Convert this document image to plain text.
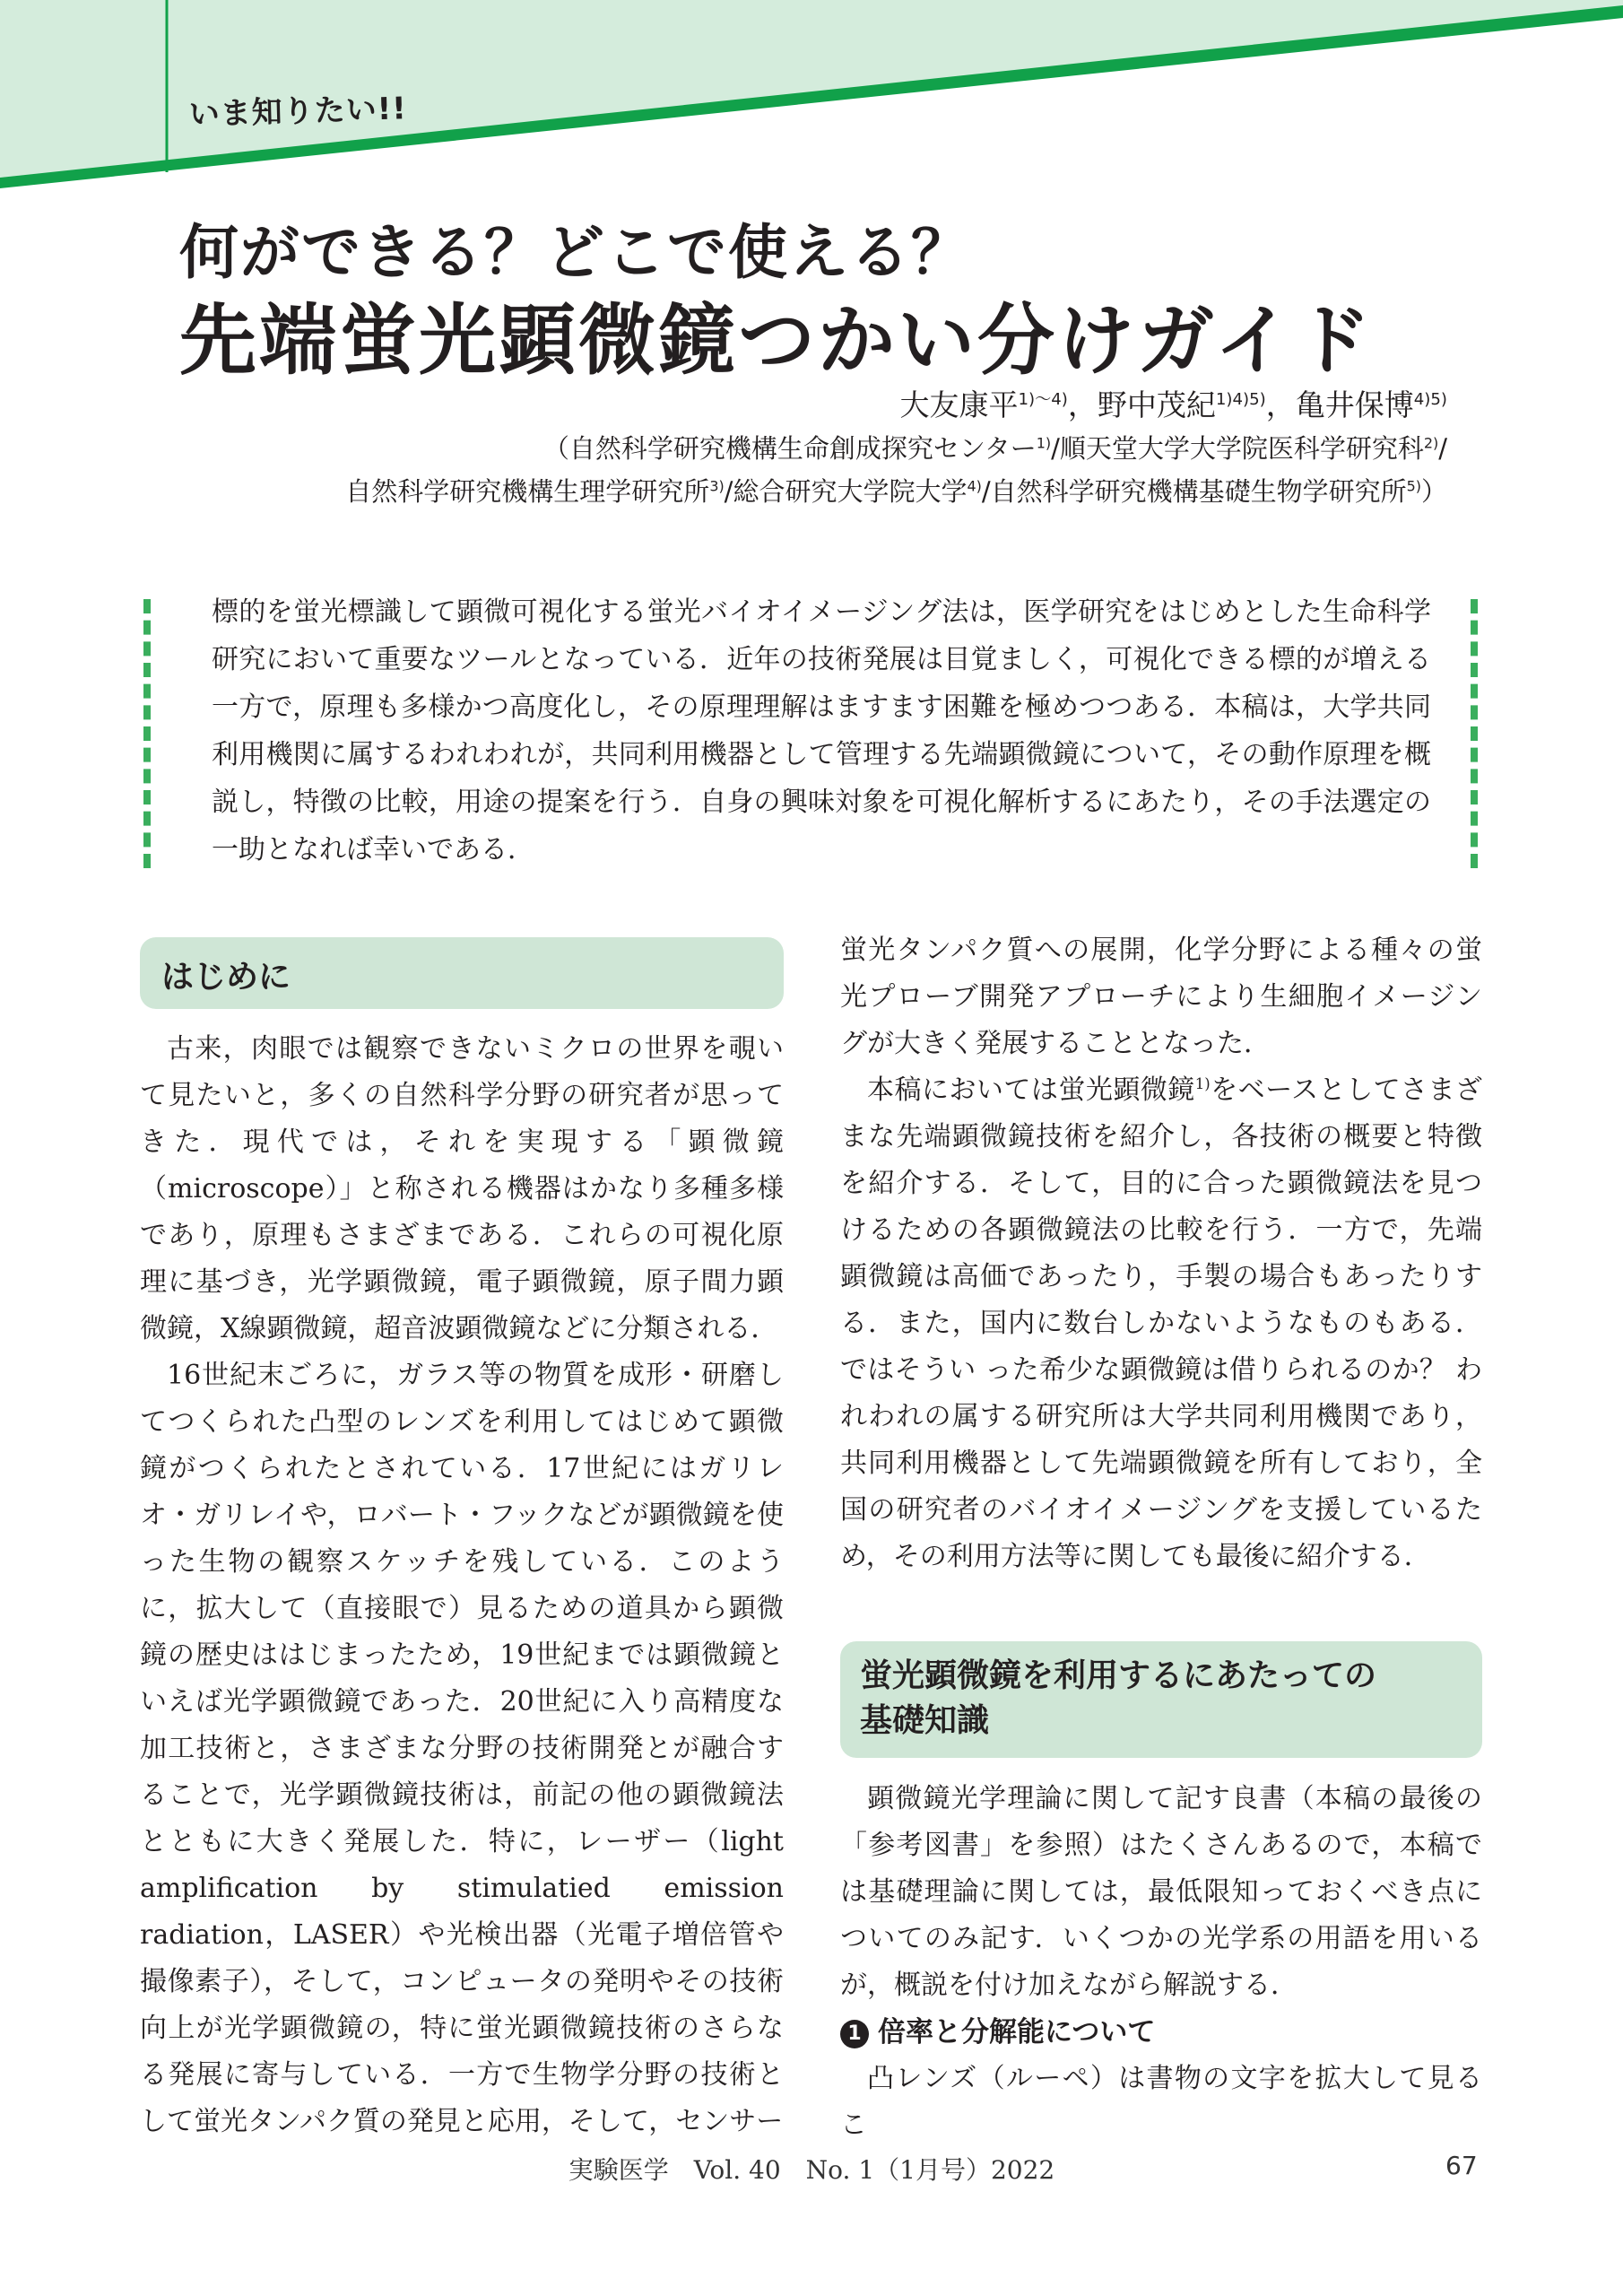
いま知りたい!!
何ができる？どこで使える？
先端蛍光顕微鏡つかい分けガイド
大友康平$^{1)\sim 4)}$，野中茂紀$^{1)4)5)}$，亀井保博$^{4)5)}$
（自然科学研究機構生命創成探究センター$^{1)}$/順天堂大学大学院医科学研究科$^{2)}$/
自然科学研究機構生理学研究所$^{3)}$/総合研究大学院大学$^{4)}$/自然科学研究機構基礎生物学研究所$^{5)}$）
標的を蛍光標識して顕微可視化する蛍光バイオイメージング法は，医学研究をはじめとした生命科学研究において重要なツールとなっている．近年の技術発展は目覚ましく，可視化できる標的が増える一方で，原理も多様かつ高度化し，その原理理解はますます困難を極めつつある．本稿は，大学共同利用機関に属するわれわれが，共同利用機器として管理する先端顕微鏡について，その動作原理を概説し，特徴の比較，用途の提案を行う．自身の興味対象を可視化解析するにあたり，その手法選定の一助となれば幸いである．
はじめに

古来，肉眼では観察できないミクロの世界を覗いて見たいと，多くの自然科学分野の研究者が思ってきた．現代では，それを実現する「顕微鏡（microscope）」と称される機器はかなり多種多様であり，原理もさまざまである．これらの可視化原理に基づき，光学顕微鏡，電子顕微鏡，原子間力顕微鏡，X線顕微鏡，超音波顕微鏡などに分類される．

16世紀末ごろに，ガラス等の物質を成形・研磨してつくられた凸型のレンズを利用してはじめて顕微鏡がつくられたとされている．17世紀にはガリレオ・ガリレイや，ロバート・フックなどが顕微鏡を使った生物の観察スケッチを残している．このように，拡大して（直接眼で）見るための道具から顕微鏡の歴史ははじまったため，19世紀までは顕微鏡といえば光学顕微鏡であった．20世紀に入り高精度な加工技術と，さまざまな分野の技術開発とが融合することで，光学顕微鏡技術は，前記の他の顕微鏡法とともに大きく発展した．特に，レーザー（light amplification by stimulatied emission radiation，LASER）や光検出器（光電子増倍管や撮像素子），そして，コンピュータの発明やその技術向上が光学顕微鏡の，特に蛍光顕微鏡技術のさらなる発展に寄与している．一方で生物学分野の技術として蛍光タンパク質の発見と応用，そして，センサー

蛍光タンパク質への展開，化学分野による種々の蛍光プローブ開発アプローチにより生細胞イメージングが大きく発展することとなった．

本稿においては蛍光顕微鏡$^{1)}$をベースとしてさまざまな先端顕微鏡技術を紹介し，各技術の概要と特徴を紹介する．そして，目的に合った顕微鏡法を見つけるための各顕微鏡法の比較を行う．一方で，先端顕微鏡は高価であったり，手製の場合もあったりする．また，国内に数台しかないようなものもある．ではそうい った希少な顕微鏡は借りられるのか？ われわれの属する研究所は大学共同利用機関であり，共同利用機器として先端顕微鏡を所有しており，全国の研究者のバイオイメージングを支援しているため，その利用方法等に関しても最後に紹介する．

蛍光顕微鏡を利用するにあたっての
基礎知識

顕微鏡光学理論に関して記す良書（本稿の最後の「参考図書」を参照）はたくさんあるので，本稿では基礎理論に関しては，最低限知っておくべき点についてのみ記す．いくつかの光学系の用語を用いるが，概説を付け加えながら解説する．

1 倍率と分解能について

凸レンズ（ルーペ）は書物の文字を拡大して見るこ

実験医学　Vol. 40　No. 1（1月号）2022	67
